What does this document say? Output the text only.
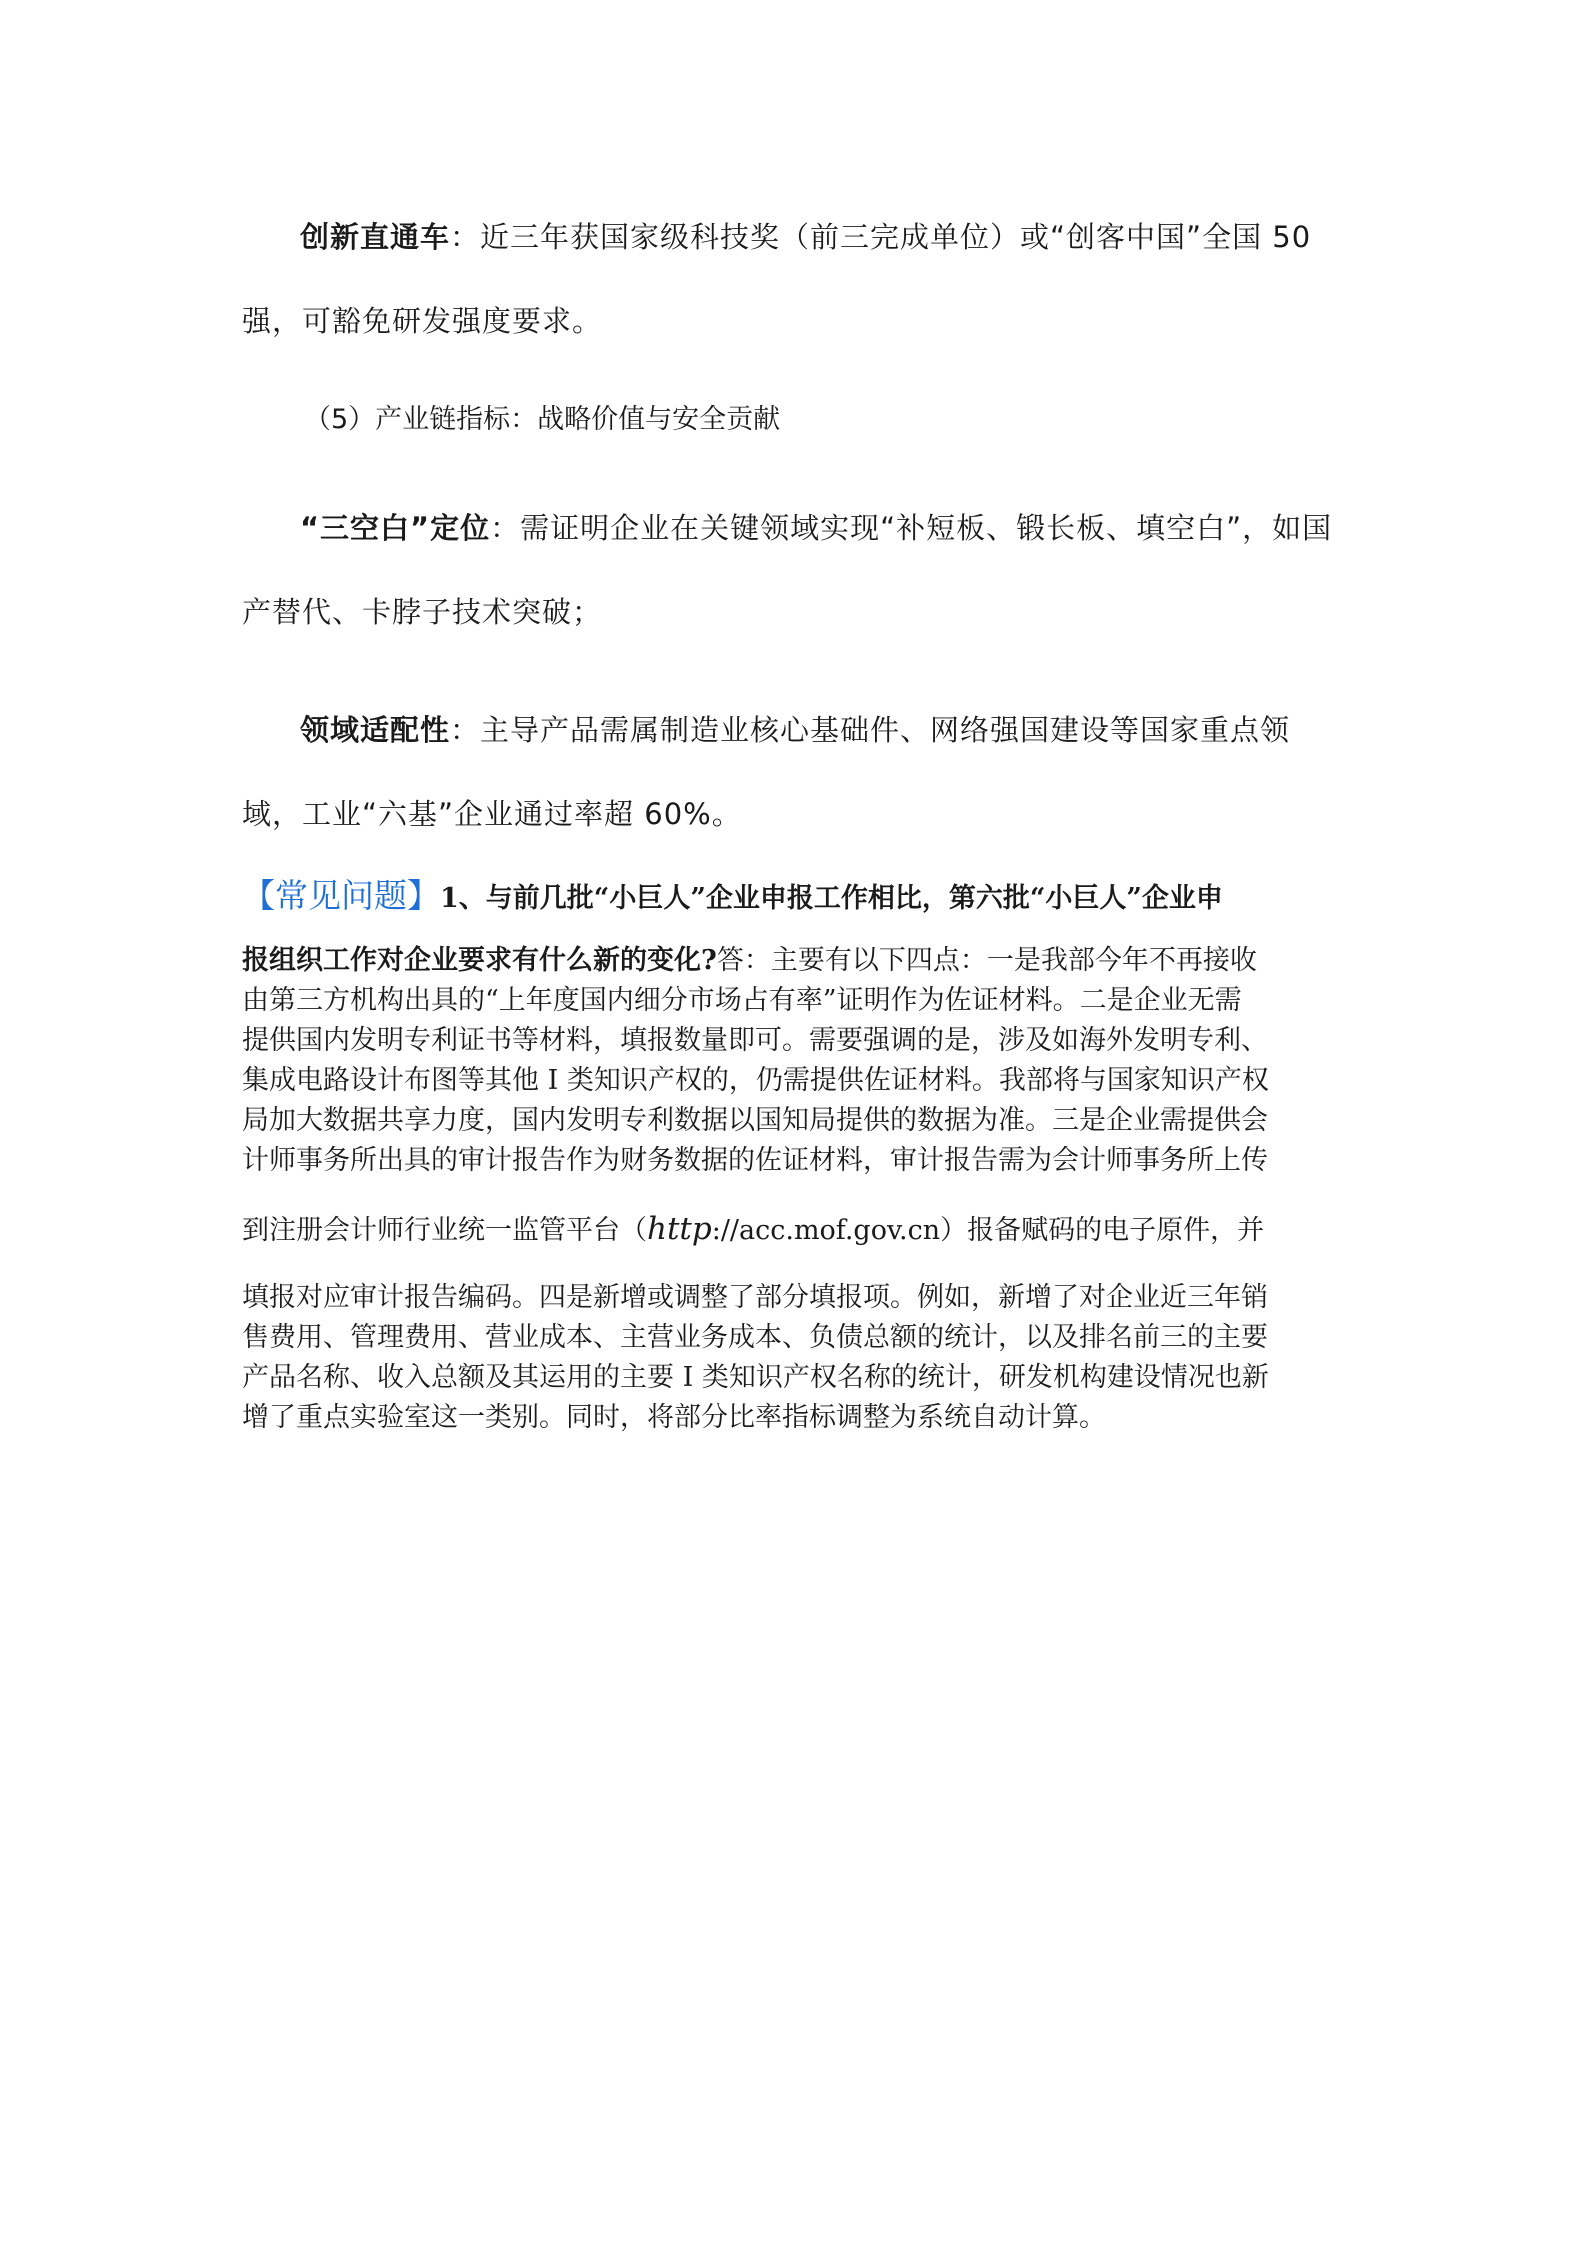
创新直通车：近三年获国家级科技奖（前三完成单位）或“创客中国”全国 50
强，可豁免研发强度要求。
（5）产业链指标：战略价值与安全贡献
“三空白”定位：需证明企业在关键领域实现“补短板、锻长板、填空白”，如国
产替代、卡脖子技术突破；
领域适配性：主导产品需属制造业核心基础件、网络强国建设等国家重点领
域，工业“六基”企业通过率超 60%。
【常见问题】1、与前几批“小巨人”企业申报工作相比，第六批“小巨人”企业申
报组织工作对企业要求有什么新的变化?答：主要有以下四点：一是我部今年不再接收
由第三方机构出具的“上年度国内细分市场占有率”证明作为佐证材料。二是企业无需
提供国内发明专利证书等材料，填报数量即可。需要强调的是，涉及如海外发明专利、
集成电路设计布图等其他 I 类知识产权的，仍需提供佐证材料。我部将与国家知识产权
局加大数据共享力度，国内发明专利数据以国知局提供的数据为准。三是企业需提供会
计师事务所出具的审计报告作为财务数据的佐证材料，审计报告需为会计师事务所上传
到注册会计师行业统一监管平台（http://acc.mof.gov.cn）报备赋码的电子原件，并
填报对应审计报告编码。四是新增或调整了部分填报项。例如，新增了对企业近三年销
售费用、管理费用、营业成本、主营业务成本、负债总额的统计，以及排名前三的主要
产品名称、收入总额及其运用的主要 I 类知识产权名称的统计，研发机构建设情况也新
增了重点实验室这一类别。同时，将部分比率指标调整为系统自动计算。
